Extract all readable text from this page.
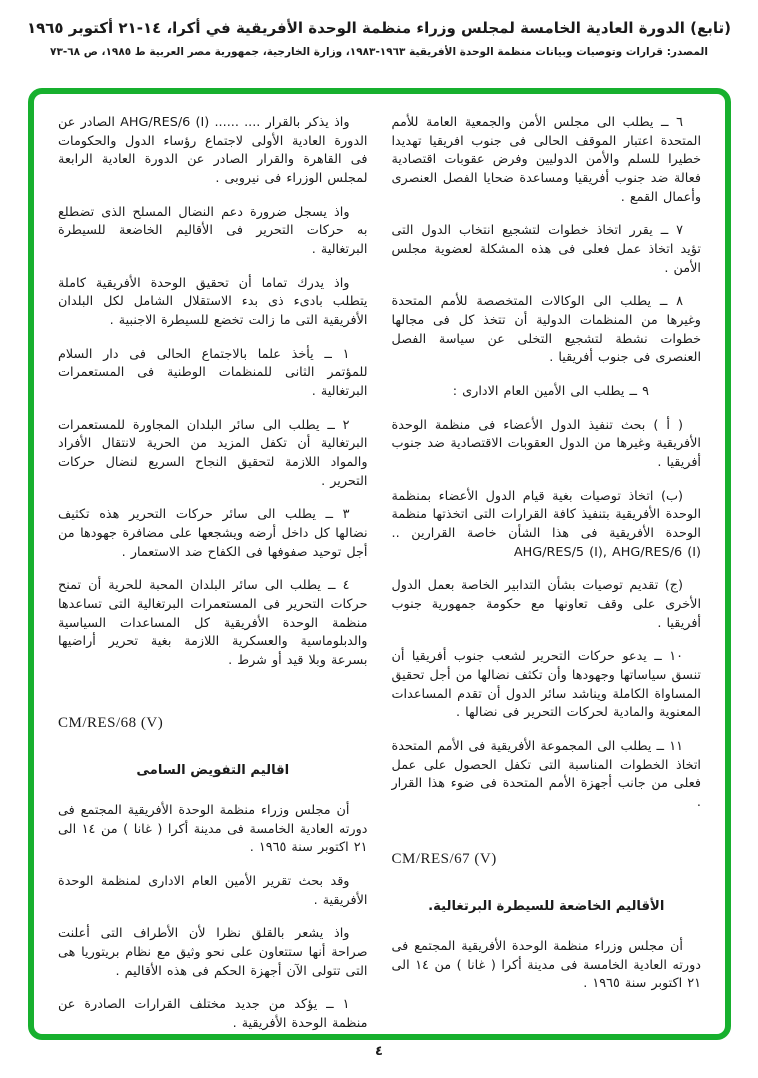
(تابع) الدورة العادية الخامسة لمجلس وزراء منظمة الوحدة الأفريقية في أكرا، ١٤-٢١ أكتوبر ١٩٦٥
المصدر: قرارات وتوصيات وبيانات منظمة الوحدة الأفريقية ١٩٦٣-١٩٨٣، وزارة الخارجية، جمهورية مصر العربية ط ١٩٨٥، ص ٦٨-٧٣

٦ ــ يطلب الى مجلس الأمن والجمعية العامة للأمم المتحدة اعتبار الموقف الحالى فى جنوب افريقيا تهديدا خطيرا للسلم والأمن الدوليين وفرض عقوبات اقتصادية فعالة ضد جنوب أفريقيا ومساعدة ضحايا الفصل العنصرى وأعمال القمع .

٧ ــ يقرر اتخاذ خطوات لتشجيع انتخاب الدول التى تؤيد اتخاذ عمل فعلى فى هذه المشكلة لعضوية مجلس الأمن .

٨ ــ يطلب الى الوكالات المتخصصة للأمم المتحدة وغيرها من المنظمات الدولية أن تتخذ كل فى مجالها خطوات نشطة لتشجيع التخلى عن سياسة الفصل العنصرى فى جنوب أفريقيا .

٩ ــ يطلب الى الأمين العام الادارى :

( أ ) بحث تنفيذ الدول الأعضاء فى منظمة الوحدة الأفريقية وغيرها من الدول العقوبات الاقتصادية ضد جنوب أفريقيا .

(ب) اتخاذ توصيات بغية قيام الدول الأعضاء بمنظمة الوحدة الأفريقية بتنفيذ كافة القرارات التى اتخذتها منظمة الوحدة الأفريقية فى هذا الشأن خاصة القرارين .. AHG/RES/5 (I), AHG/RES/6 (I)

(ج) تقديم توصيات بشأن التدابير الخاصة بعمل الدول الأخرى على وقف تعاونها مع حكومة جمهورية جنوب أفريقيا .

١٠ ــ يدعو حركات التحرير لشعب جنوب أفريقيا أن تنسق سياساتها وجهودها وأن تكثف نضالها من أجل تحقيق المساواة الكاملة ويناشد سائر الدول أن تقدم المساعدات المعنوية والمادية لحركات التحرير فى نضالها .

١١ ــ يطلب الى المجموعة الأفريقية فى الأمم المتحدة اتخاذ الخطوات المناسبة التى تكفل الحصول على عمل فعلى من جانب أجهزة الأمم المتحدة فى ضوء هذا القرار .

CM/RES/67 (V)
الأقاليم الخاضعة للسيطرة البرتغالية.

أن مجلس وزراء منظمة الوحدة الأفريقية المجتمع فى دورته العادية الخامسة فى مدينة أكرا ( غانا ) من ١٤ الى ٢١ اكتوبر سنة ١٩٦٥ .

واذ يذكر بالقرار .... ...... AHG/RES/6 (I) الصادر عن الدورة العادية الأولى لاجتماع رؤساء الدول والحكومات فى القاهرة والقرار الصادر عن الدورة العادية الرابعة لمجلس الوزراء فى نيروبى .

واذ يسجل ضرورة دعم النضال المسلح الذى تضطلع به حركات التحرير فى الأقاليم الخاضعة للسيطرة البرتغالية .

واذ يدرك تماما أن تحقيق الوحدة الأفريقية كاملة يتطلب بادىء ذى بدء الاستقلال الشامل لكل البلدان الأفريقية التى ما زالت تخضع للسيطرة الاجنبية .

١ ــ يأخذ علما بالاجتماع الحالى فى دار السلام للمؤتمر الثانى للمنظمات الوطنية فى المستعمرات البرتغالية .

٢ ــ يطلب الى سائر البلدان المجاورة للمستعمرات البرتغالية أن تكفل المزيد من الحرية لانتقال الأفراد والمواد اللازمة لتحقيق النجاح السريع لنضال حركات التحرير .

٣ ــ يطلب الى سائر حركات التحرير هذه تكثيف نضالها كل داخل أرضه ويشجعها على مضافرة جهودها من أجل توحيد صفوفها فى الكفاح ضد الاستعمار .

٤ ــ يطلب الى سائر البلدان المحبة للحرية أن تمنح حركات التحرير فى المستعمرات البرتغالية التى تساعدها منظمة الوحدة الأفريقية كل المساعدات السياسية والدبلوماسية والعسكرية اللازمة بغية تحرير أراضيها بسرعة وبلا قيد أو شرط .

CM/RES/68 (V)
اقاليم التفويض السامى

أن مجلس وزراء منظمة الوحدة الأفريقية المجتمع فى دورته العادية الخامسة فى مدينة أكرا ( غانا ) من ١٤ الى ٢١ اكتوبر سنة ١٩٦٥ .

وقد بحث تقرير الأمين العام الادارى لمنظمة الوحدة الأفريقية .

واذ يشعر بالقلق نظرا لأن الأطراف التى أعلنت صراحة أنها ستتعاون على نحو وثيق مع نظام بريتوريا هى التى تتولى الآن أجهزة الحكم فى هذه الأقاليم .

١ ــ يؤكد من جديد مختلف القرارات الصادرة عن منظمة الوحدة الأفريقية .

٤
